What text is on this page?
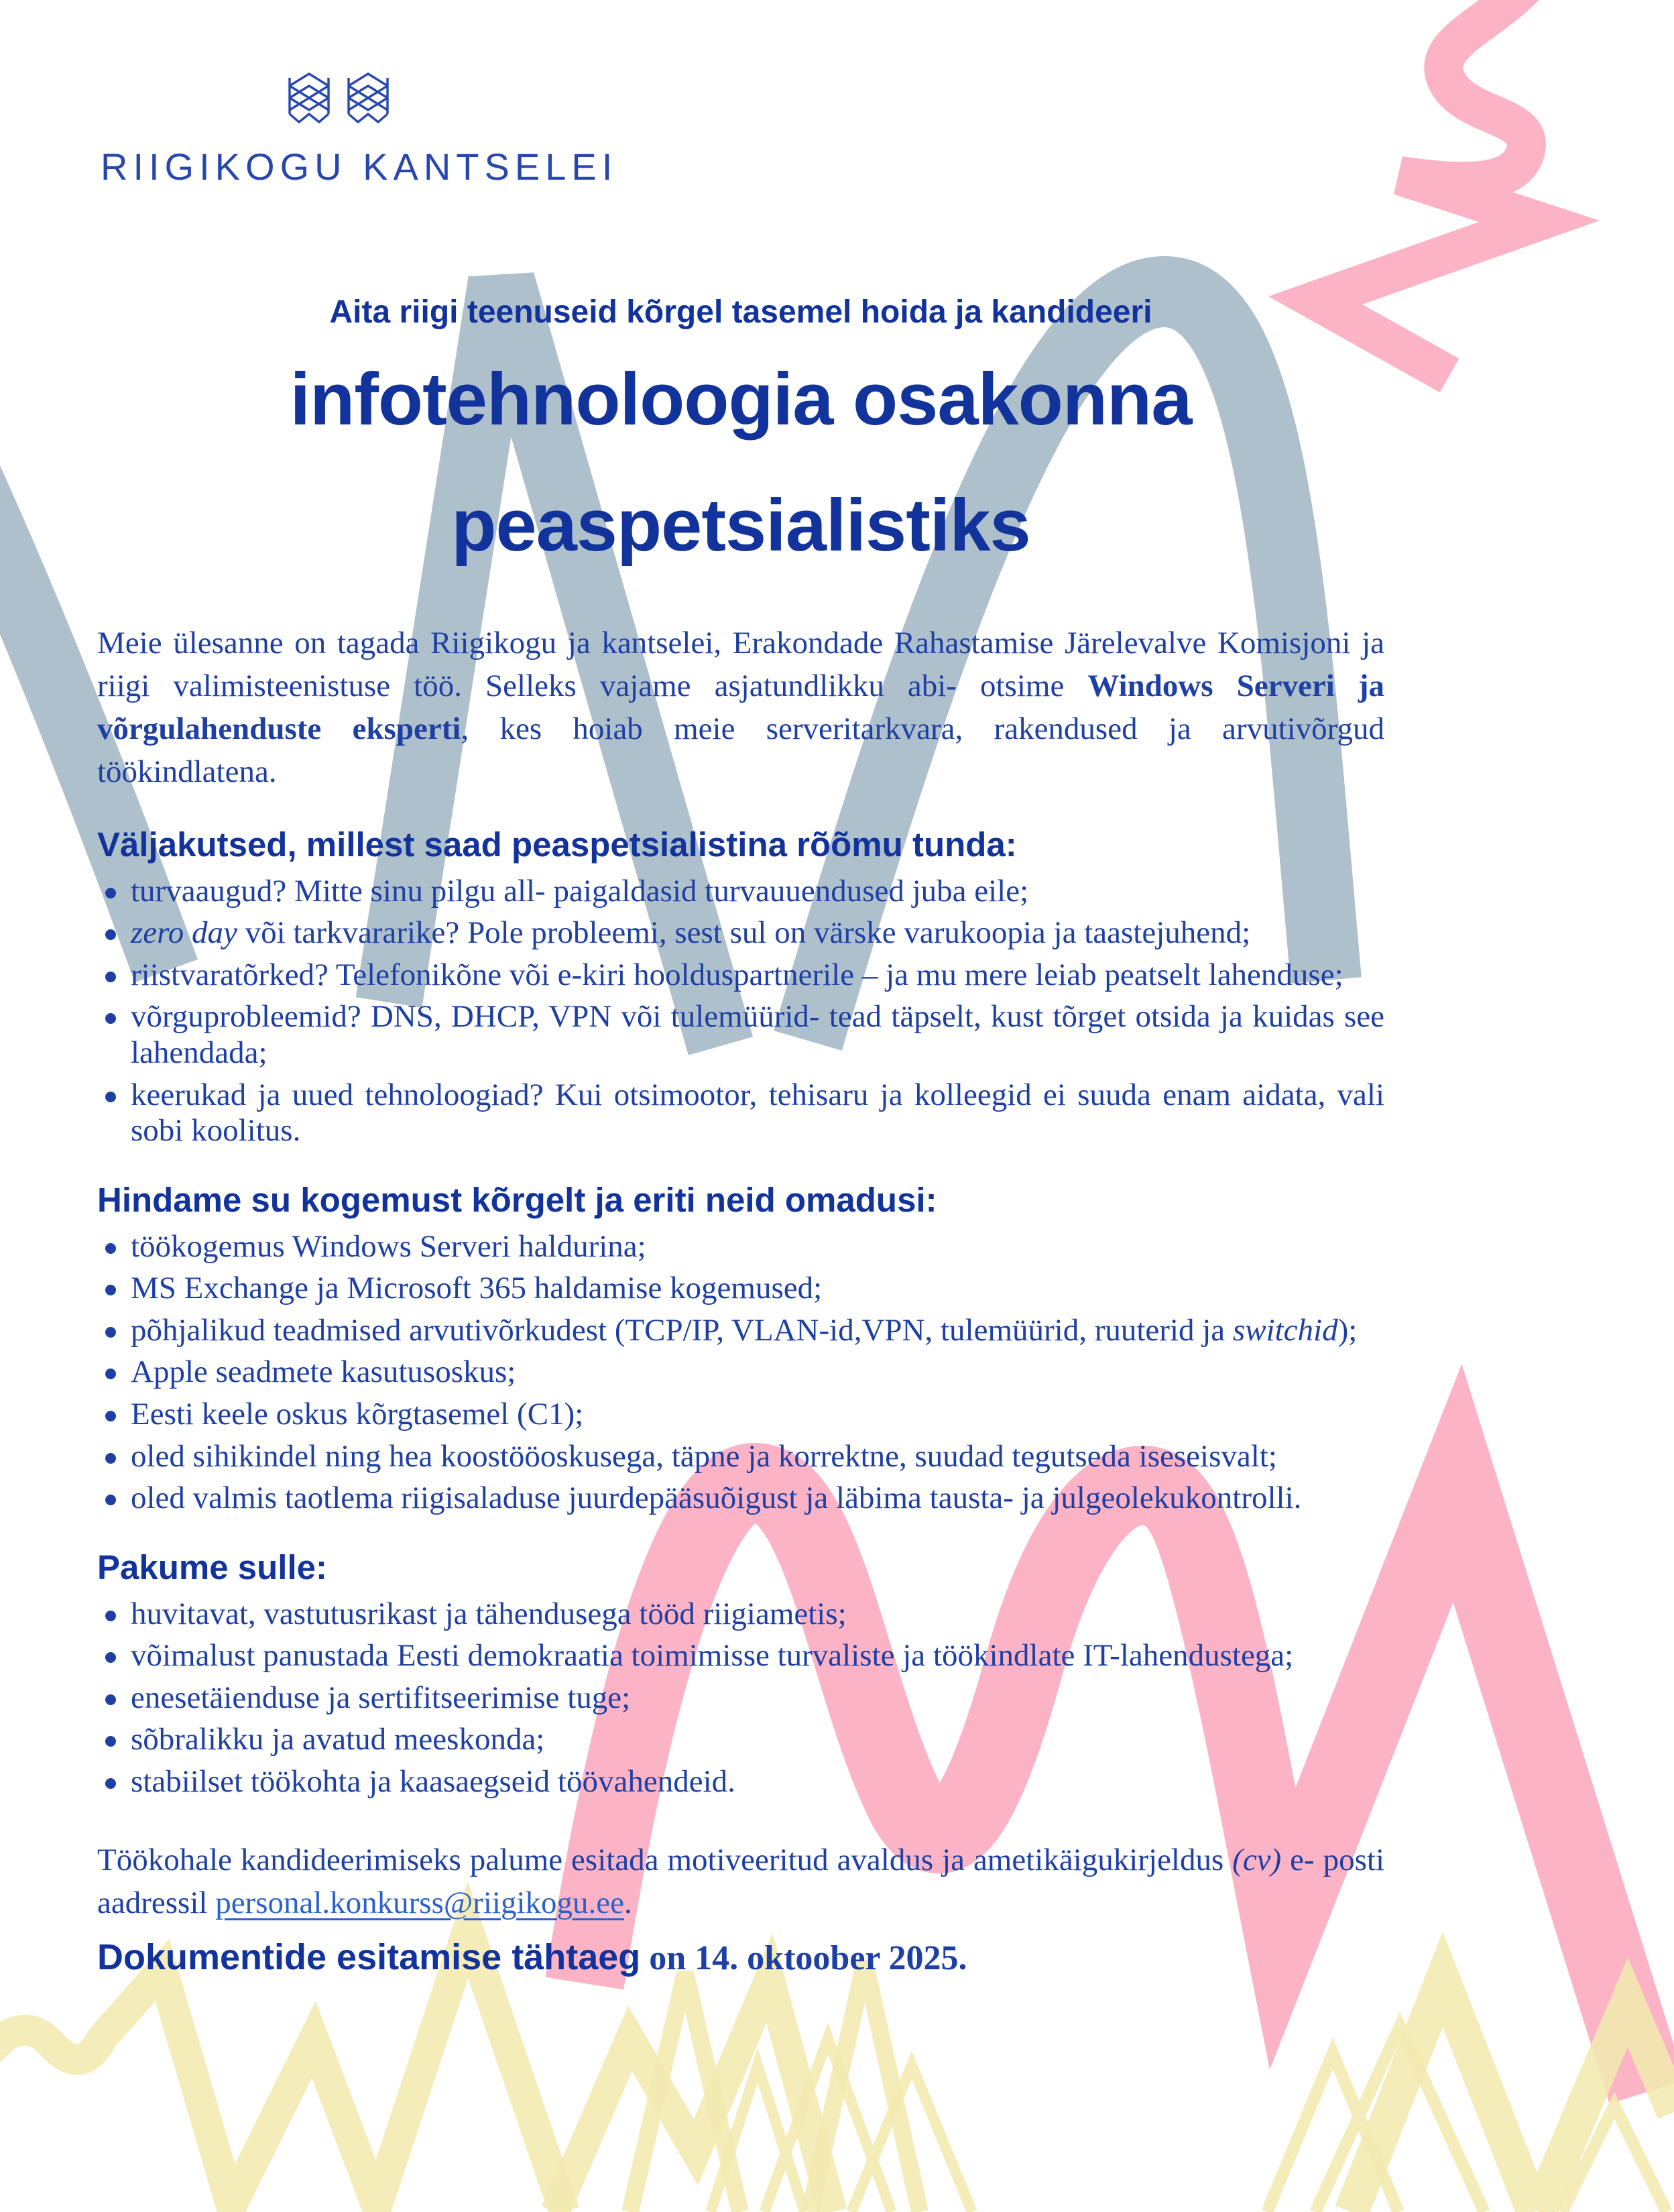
RIIGIKOGU KANTSELEI
Aita riigi teenuseid kõrgel tasemel hoida ja kandideeri
infotehnoloogia osakonna
peaspetsialistiks

Meie ülesanne on tagada Riigikogu ja kantselei, Erakondade Rahastamise Järelevalve Komisjoni ja riigi valimisteenistuse töö. Selleks vajame asjatundlikku abi- otsime Windows Serveri ja võrgulahenduste eksperti, kes hoiab meie serveritarkvara, rakendused ja arvutivõrgud töökindlatena.

Väljakutsed, millest saad peaspetsialistina rõõmu tunda:
turvaaugud? Mitte sinu pilgu all- paigaldasid turvauuendused juba eile;
zero day või tarkvararike? Pole probleemi, sest sul on värske varukoopia ja taastejuhend;
riistvaratõrked? Telefonikõne või e-kiri hoolduspartnerile – ja mu mere leiab peatselt lahenduse;
võrguprobleemid? DNS, DHCP, VPN või tulemüürid- tead täpselt, kust tõrget otsida ja kuidas see lahendada;
keerukad ja uued tehnoloogiad? Kui otsimootor, tehisaru ja kolleegid ei suuda enam aidata, vali sobi koolitus.
Hindame su kogemust kõrgelt ja eriti neid omadusi:
töökogemus Windows Serveri haldurina;
MS Exchange ja Microsoft 365 haldamise kogemused;
põhjalikud teadmised arvutivõrkudest (TCP/IP, VLAN-id,VPN, tulemüürid, ruuterid ja switchid);
Apple seadmete kasutusoskus;
Eesti keele oskus kõrgtasemel (C1);
oled sihikindel ning hea koostööoskusega, täpne ja korrektne, suudad tegutseda iseseisvalt;
oled valmis taotlema riigisaladuse juurdepääsuõigust ja läbima tausta- ja julgeolekukontrolli.
Pakume sulle:
huvitavat, vastutusrikast ja tähendusega tööd riigiametis;
võimalust panustada Eesti demokraatia toimimisse turvaliste ja töökindlate IT-lahendustega;
enesetäienduse ja sertifitseerimise tuge;
sõbralikku ja avatud meeskonda;
stabiilset töökohta ja kaasaegseid töövahendeid.

Töökohale kandideerimiseks palume esitada motiveeritud avaldus ja ametikäigukirjeldus (cv) e- posti aadressil personal.konkurss@riigikogu.ee.

Dokumentide esitamise tähtaeg on 14. oktoober 2025.
